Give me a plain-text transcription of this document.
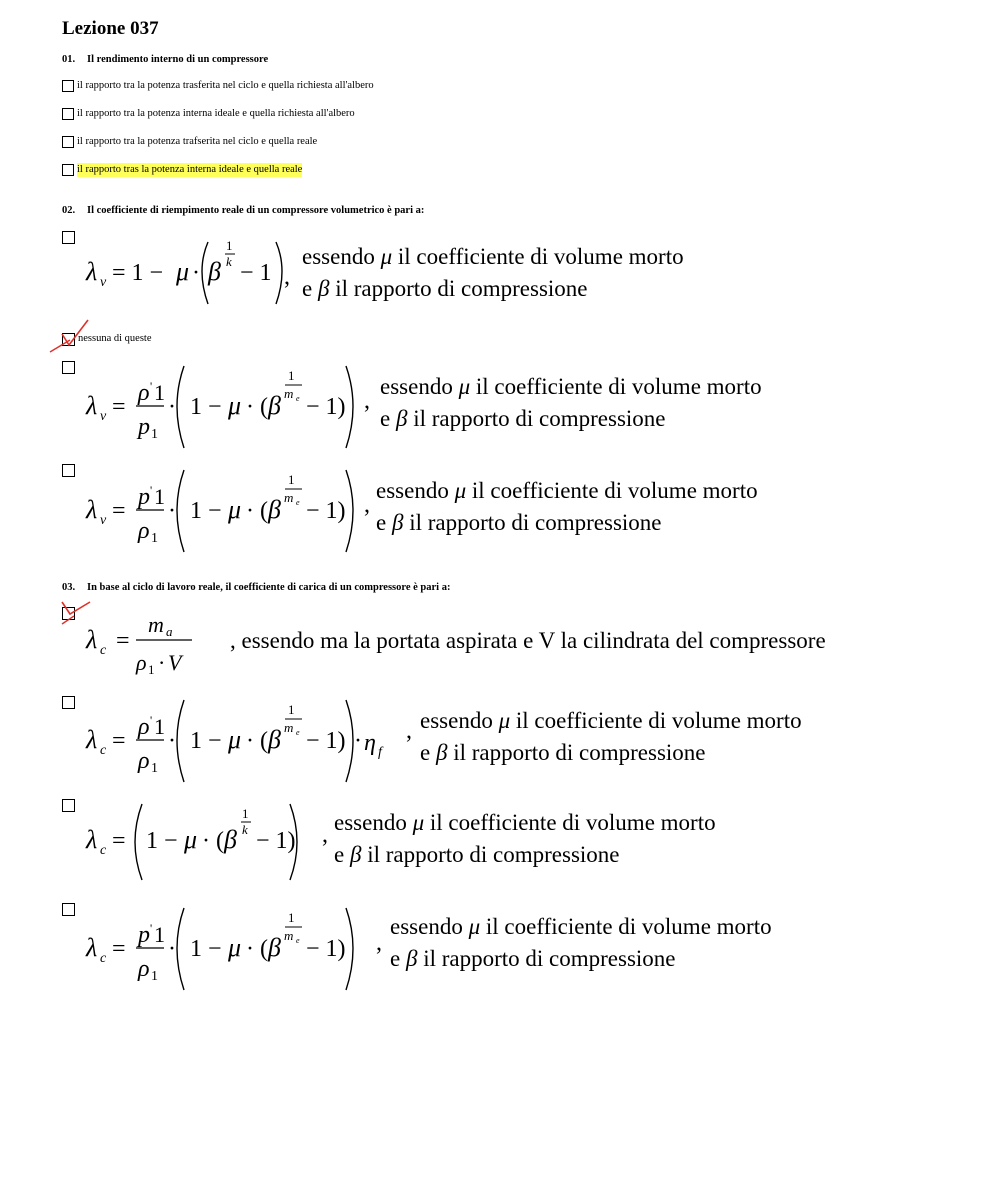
Lezione 037
01. Il rendimento interno di un compressore
il rapporto tra la potenza trasferita nel ciclo e quella richiesta all'albero
il rapporto tra la potenza interna ideale e quella richiesta all'albero
il rapporto tra la potenza trafserita nel ciclo e quella reale
il rapporto tras la potenza interna ideale e quella reale
02. Il coefficiente di riempimento reale di un compressore volumetrico è pari a:
λ v = 1 − μ · β
1
k − 1 ,
essendo μ il coefficiente di volume morto
e β il rapporto di compressione
nessuna di queste
λ v =
ρ ' 1
p 1
· 1 − μ · ( β
1
m e − 1) ,
essendo μ il coefficiente di volume morto
e β il rapporto di compressione
λ v =
p ' 1
ρ 1
· 1 − μ · ( β
1
m e − 1) ,
essendo μ il coefficiente di volume morto
e β il rapporto di compressione
03. In base al ciclo di lavoro reale, il coefficiente di carica di un compressore è pari a:
λ c =
m a
ρ 1 · V
, essendo ma la portata aspirata e V la cilindrata del compressore
λ c =
ρ ' 1
ρ 1
· 1 − μ · ( β
1
m e − 1) · η f
, essendo μ il coefficiente di volume morto
e β il rapporto di compressione
λ c = 1 − μ · ( β
1
k − 1) , essendo μ il coefficiente di volume morto
e β il rapporto di compressione
λ c =
p ' 1
ρ 1
· 1 − μ · ( β
1
m e − 1) ,
essendo μ il coefficiente di volume morto
e β il rapporto di compressione
